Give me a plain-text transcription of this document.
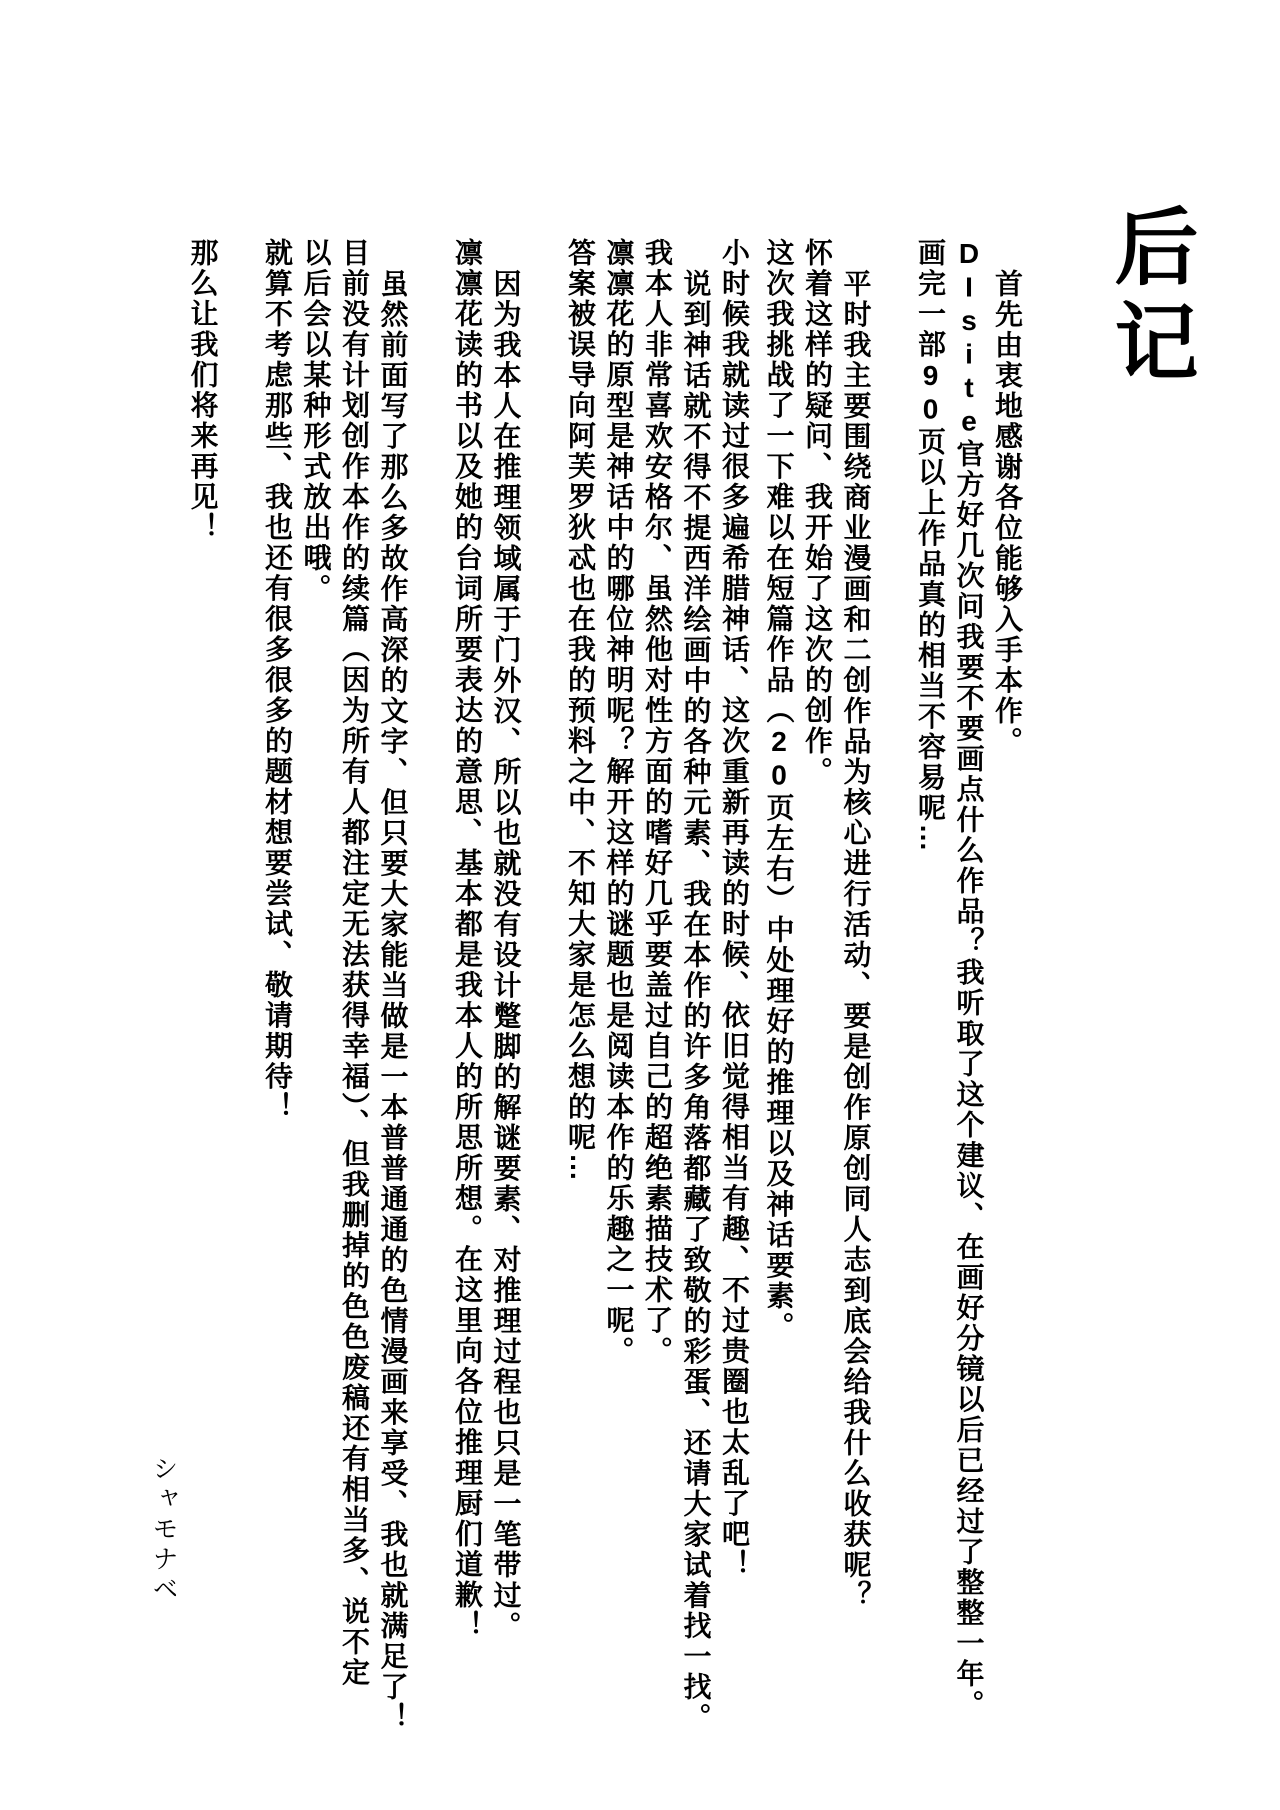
后记

首先由衷地感谢各位能够入手本作。

DIsite官方好几次问我要不要画点什么作品？我听取了这个建议、在画好分镜以后已经过了整整一年。

画完一部90页以上作品真的相当不容易呢…

平时我主要围绕商业漫画和二创作品为核心进行活动、要是创作原创同人志到底会给我什么收获呢？

怀着这样的疑问、我开始了这次的创作。

这次我挑战了一下难以在短篇作品（20页左右）中处理好的推理以及神话要素。

小时候我就读过很多遍希腊神话、这次重新再读的时候、依旧觉得相当有趣、不过贵圈也太乱了吧！

说到神话就不得不提西洋绘画中的各种元素、我在本作的许多角落都藏了致敬的彩蛋、还请大家试着找一找。

我本人非常喜欢安格尔、虽然他对性方面的嗜好几乎要盖过自己的超绝素描技术了。

凛凛花的原型是神话中的哪位神明呢？解开这样的谜题也是阅读本作的乐趣之一呢。

答案被误导向阿芙罗狄忒也在我的预料之中、不知大家是怎么想的呢…

因为我本人在推理领域属于门外汉、所以也就没有设计蹩脚的解谜要素、对推理过程也只是一笔带过。

凛凛花读的书以及她的台词所要表达的意思、基本都是我本人的所思所想。在这里向各位推理厨们道歉！

虽然前面写了那么多故作高深的文字、但只要大家能当做是一本普普通通的色情漫画来享受、我也就满足了！

目前没有计划创作本作的续篇（因为所有人都注定无法获得幸福）、但我删掉的色色废稿还有相当多、说不定

以后会以某种形式放出哦。

就算不考虑那些、我也还有很多很多的题材想要尝试、敬请期待！

那么让我们将来再见！

シャモナベ
